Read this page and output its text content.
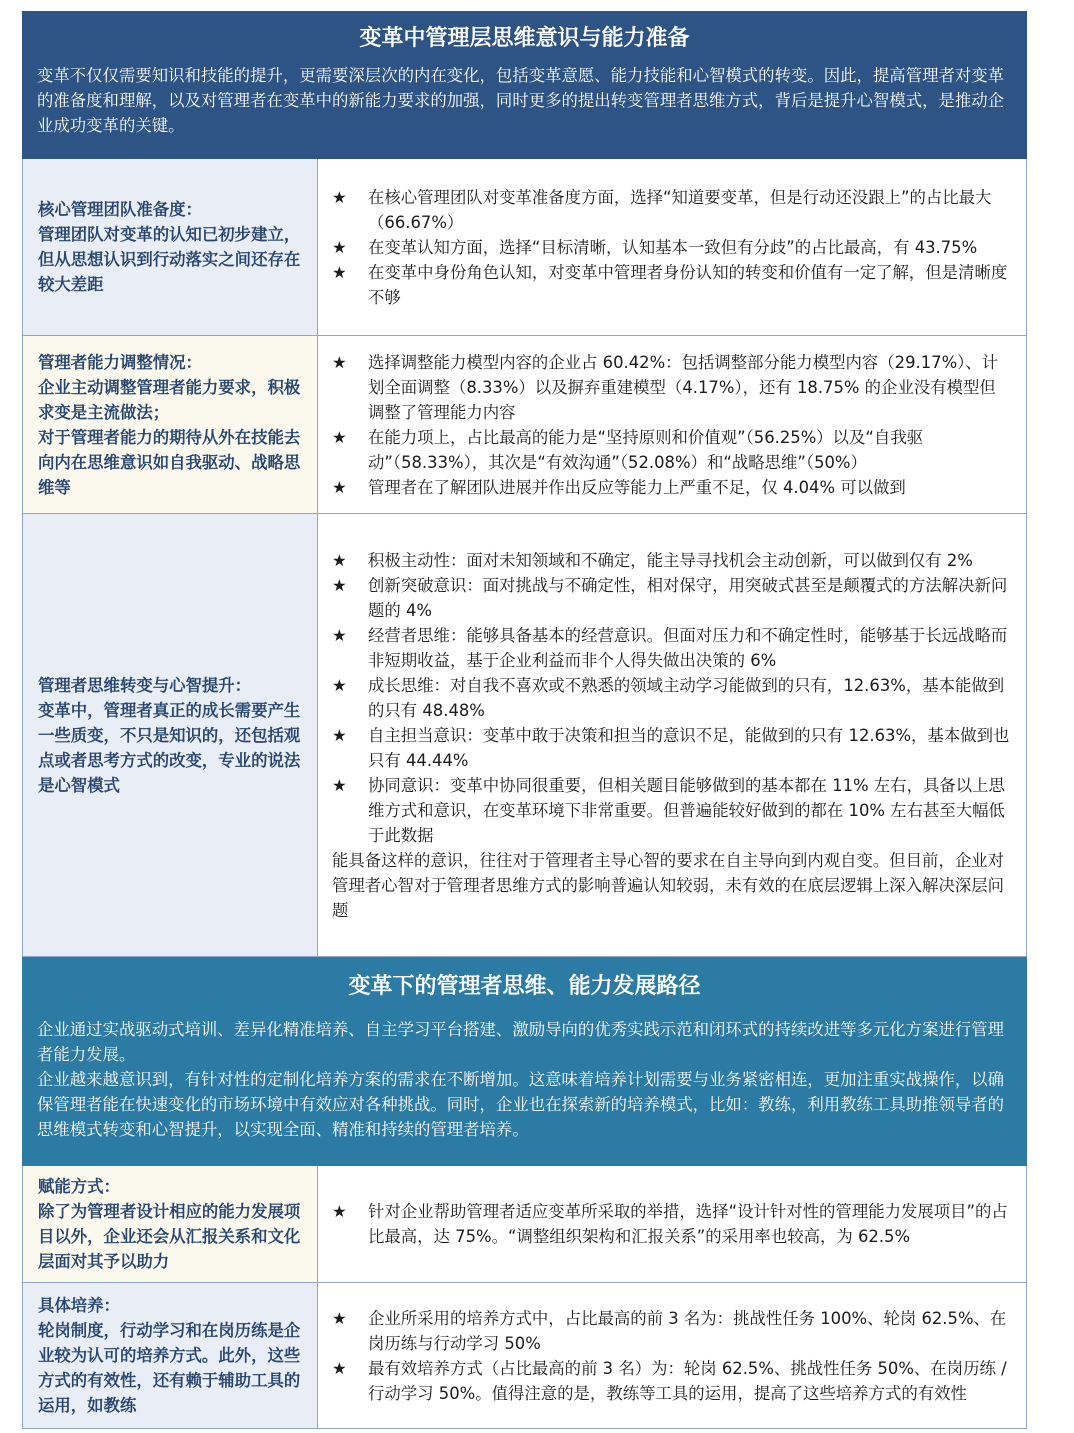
变革中管理层思维意识与能力准备
变革不仅仅需要知识和技能的提升，更需要深层次的内在变化，包括变革意愿、能力技能和心智模式的转变。因此，提高管理者对变革的准备度和理解，以及对管理者在变革中的新能力要求的加强，同时更多的提出转变管理者思维方式，背后是提升心智模式，是推动企业成功变革的关键。
核心管理团队准备度：
管理团队对变革的认知已初步建立，但从思想认识到行动落实之间还存在较大差距
★	在核心管理团队对变革准备度方面，选择“知道要变革，但是行动还没跟上”的占比最大（66.67%）
★	在变革认知方面，选择“目标清晰，认知基本一致但有分歧”的占比最高，有 43.75%
★	在变革中身份角色认知，对变革中管理者身份认知的转变和价值有一定了解，但是清晰度不够
管理者能力调整情况：
企业主动调整管理者能力要求，积极求变是主流做法；
对于管理者能力的期待从外在技能去向内在思维意识如自我驱动、战略思维等
★	选择调整能力模型内容的企业占 60.42%：包括调整部分能力模型内容（29.17%）、计划全面调整（8.33%）以及摒弃重建模型（4.17%），还有 18.75% 的企业没有模型但调整了管理能力内容
★	在能力项上，占比最高的能力是“坚持原则和价值观”（56.25%）以及“自我驱动”（58.33%），其次是“有效沟通”（52.08%）和“战略思维”（50%）
★	管理者在了解团队进展并作出反应等能力上严重不足，仅 4.04% 可以做到
管理者思维转变与心智提升：
变革中，管理者真正的成长需要产生一些质变，不只是知识的，还包括观点或者思考方式的改变，专业的说法是心智模式
★	积极主动性：面对未知领域和不确定，能主导寻找机会主动创新，可以做到仅有 2%
★	创新突破意识：面对挑战与不确定性，相对保守，用突破式甚至是颠覆式的方法解决新问题的 4%
★	经营者思维：能够具备基本的经营意识。但面对压力和不确定性时，能够基于长远战略而非短期收益，基于企业利益而非个人得失做出决策的 6%
★	成长思维：对自我不喜欢或不熟悉的领域主动学习能做到的只有，12.63%，基本能做到的只有 48.48%
★	自主担当意识：变革中敢于决策和担当的意识不足，能做到的只有 12.63%，基本做到也只有 44.44%
★	协同意识：变革中协同很重要，但相关题目能够做到的基本都在 11% 左右，具备以上思维方式和意识，在变革环境下非常重要。但普遍能较好做到的都在 10% 左右甚至大幅低于此数据

能具备这样的意识，往往对于管理者主导心智的要求在自主导向到内观自变。但目前，企业对管理者心智对于管理者思维方式的影响普遍认知较弱，未有效的在底层逻辑上深入解决深层问题

变革下的管理者思维、能力发展路径

企业通过实战驱动式培训、差异化精准培养、自主学习平台搭建、激励导向的优秀实践示范和闭环式的持续改进等多元化方案进行管理者能力发展。

企业越来越意识到，有针对性的定制化培养方案的需求在不断增加。这意味着培养计划需要与业务紧密相连，更加注重实战操作，以确保管理者能在快速变化的市场环境中有效应对各种挑战。同时，企业也在探索新的培养模式，比如：教练，利用教练工具助推领导者的思维模式转变和心智提升，以实现全面、精准和持续的管理者培养。

赋能方式：
除了为管理者设计相应的能力发展项目以外，企业还会从汇报关系和文化层面对其予以助力
★	针对企业帮助管理者适应变革所采取的举措，选择“设计针对性的管理能力发展项目”的占比最高，达 75%。“调整组织架构和汇报关系”的采用率也较高，为 62.5%
具体培养：
轮岗制度，行动学习和在岗历练是企业较为认可的培养方式。此外，这些方式的有效性，还有赖于辅助工具的运用，如教练
★	企业所采用的培养方式中，占比最高的前 3 名为：挑战性任务 100%、轮岗 62.5%、在岗历练与行动学习 50%
★	最有效培养方式（占比最高的前 3 名）为：轮岗 62.5%、挑战性任务 50%、在岗历练 / 行动学习 50%。值得注意的是，教练等工具的运用，提高了这些培养方式的有效性
